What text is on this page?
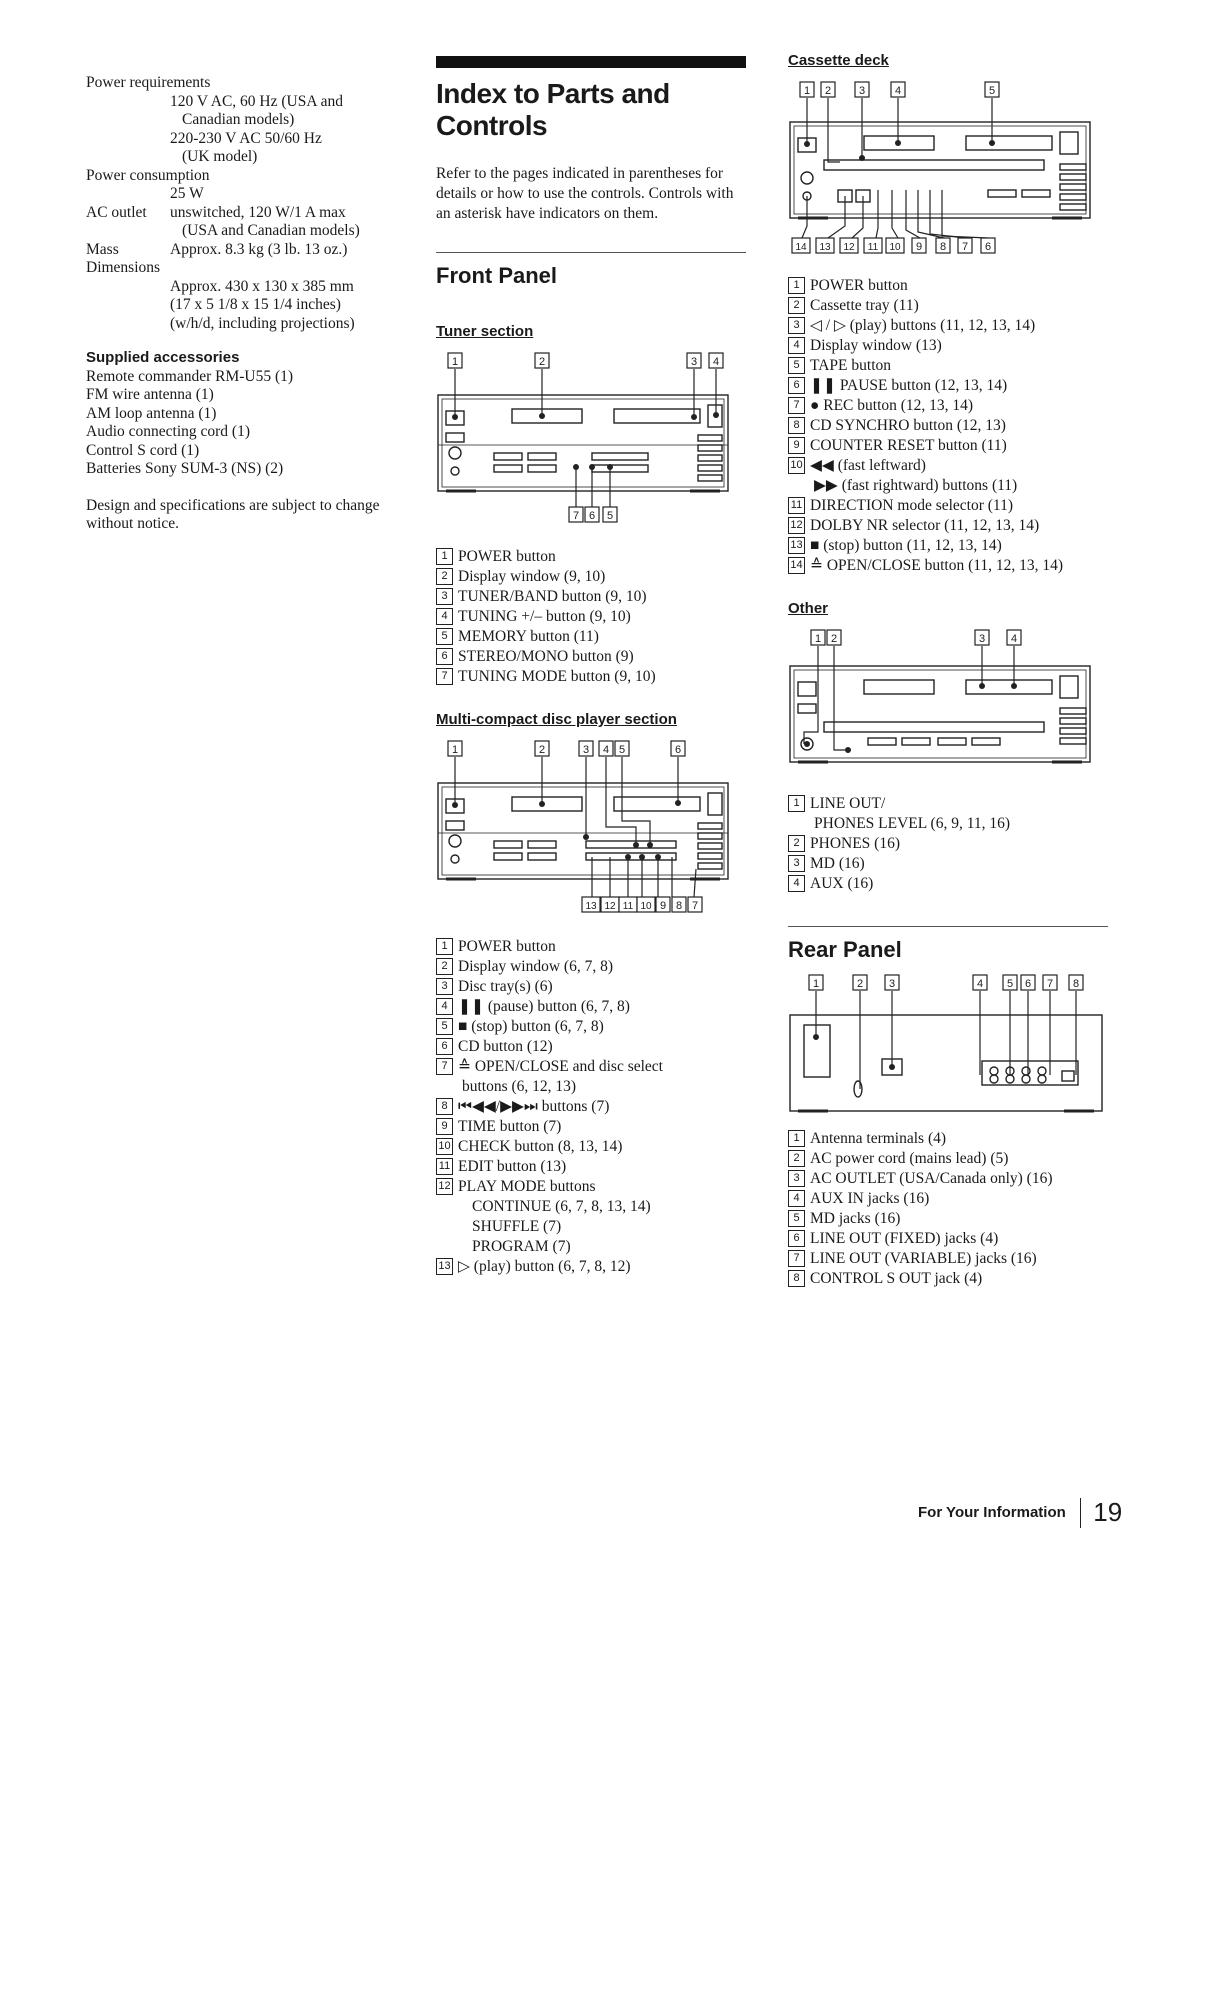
Power requirements
120 V AC, 60 Hz (USA and
Canadian models)
220-230 V AC 50/60 Hz
(UK model)
Power consumption
25 W
AC outlet	unswitched, 120 W/1 A max
(USA and Canadian models)
Mass	Approx. 8.3 kg (3 lb. 13 oz.)
Dimensions
Approx. 430 x 130 x 385 mm
(17 x 5 1/8 x 15 1/4 inches)
(w/h/d, including projections)
Supplied accessories
Remote commander RM-U55 (1)
FM wire antenna (1)
AM loop antenna (1)
Audio connecting cord (1)
Control S cord (1)
Batteries Sony SUM-3 (NS) (2)
Design and specifications are subject to change without notice.
Index to Parts and
Controls
Refer to the pages indicated in parentheses for details or how to use the controls. Controls with an asterisk have indicators on them.
Front Panel
Tuner section
1	2	3 4
7 6 5
1 POWER button
2 Display window (9, 10)
3 TUNER/BAND button (9, 10)
4 TUNING +/– button (9, 10)
5 MEMORY button (11)
6 STEREO/MONO button (9)
7 TUNING MODE button (9, 10)
Multi-compact disc player section
1	2	3 4 5	6
13 12 11 10 9 8 7
1 POWER button
2 Display window (6, 7, 8)
3 Disc tray(s) (6)
4 ❚❚ (pause) button (6, 7, 8)
5 ■ (stop) button (6, 7, 8)
6 CD button (12)
7 ≙ OPEN/CLOSE and disc select
buttons (6, 12, 13)
8 ⏮◀◀/▶▶⏭ buttons (7)
9 TIME button (7)
10 CHECK button (8, 13, 14)
11 EDIT button (13)
12 PLAY MODE buttons
CONTINUE (6, 7, 8, 13, 14)
SHUFFLE (7)
PROGRAM (7)
13 ▷ (play) button (6, 7, 8, 12)
Cassette deck
1 2	3	4	5
14 13 12 11 10 9 8 7 6
1 POWER button
2 Cassette tray (11)
3 ◁ / ▷ (play) buttons (11, 12, 13, 14)
4 Display window (13)
5 TAPE button
6 ❚❚ PAUSE button (12, 13, 14)
7 ● REC button (12, 13, 14)
8 CD SYNCHRO button (12, 13)
9 COUNTER RESET button (11)
10 ◀◀ (fast leftward)
▶▶ (fast rightward) buttons (11)
11 DIRECTION mode selector (11)
12 DOLBY NR selector (11, 12, 13, 14)
13 ■ (stop) button (11, 12, 13, 14)
14 ≙ OPEN/CLOSE button (11, 12, 13, 14)
Other
1 2	3 4
1 LINE OUT/
PHONES LEVEL (6, 9, 11, 16)
2 PHONES (16)
3 MD (16)
4 AUX (16)
Rear Panel
1	2 3	4 5 6 7 8
1 Antenna terminals (4)
2 AC power cord (mains lead) (5)
3 AC OUTLET (USA/Canada only) (16)
4 AUX IN jacks (16)
5 MD jacks (16)
6 LINE OUT (FIXED) jacks (4)
7 LINE OUT (VARIABLE) jacks (16)
8 CONTROL S OUT jack (4)
For Your Information 19
